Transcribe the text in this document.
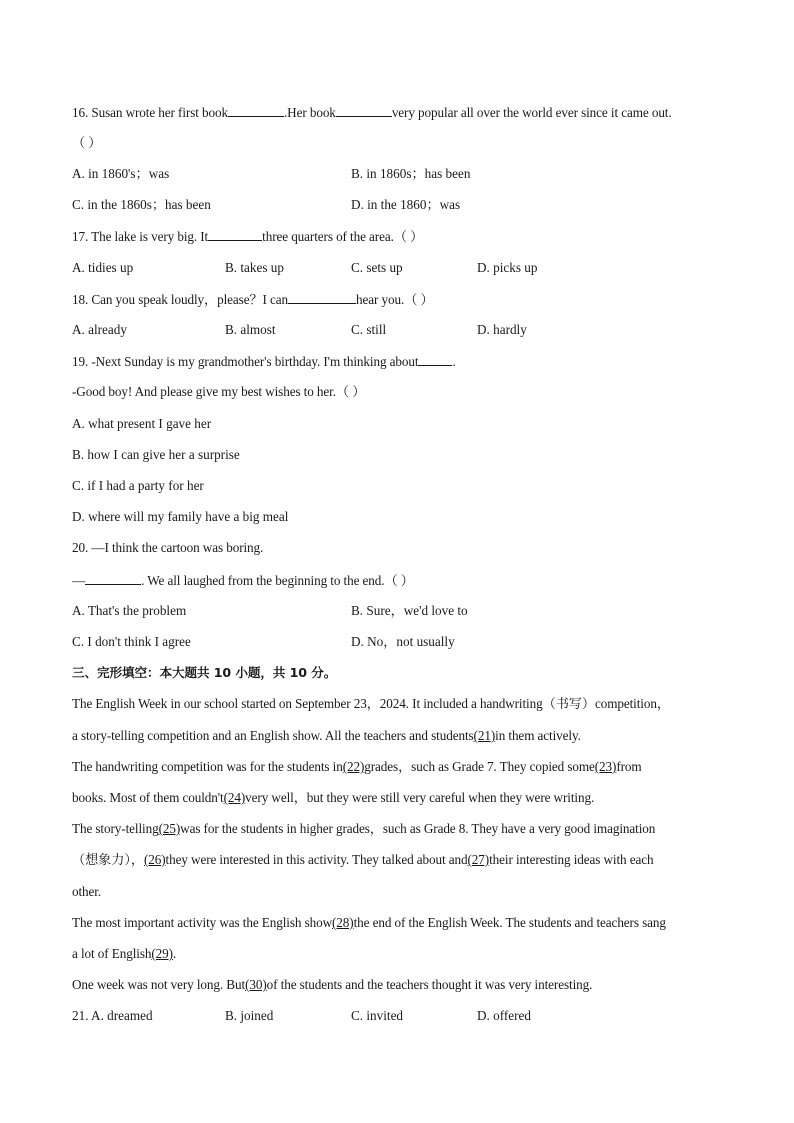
16. Susan wrote her first book	.Her book	very popular all over the world ever since it came out.
（ ）
A. in 1860's；was	B. in 1860s；has been
C. in the 1860s；has been	D. in the 1860；was
17. The lake is very big. It	three quarters of the area.（ ）
A. tidies up	B. takes up	C. sets up	D. picks up
18. Can you speak loudly，please？I can	hear you.（ ）
A. already	B. almost	C. still	D. hardly
19. -Next Sunday is my grandmother's birthday. I'm thinking about	.
-Good boy! And please give my best wishes to her.（ ）
A. what present I gave her
B. how I can give her a surprise
C. if I had a party for her
D. where will my family have a big meal
20. —I think the cartoon was boring.
—	. We all laughed from the beginning to the end.（ ）
A. That's the problem	B. Sure，we'd love to
C. I don't think I agree	D. No，not usually
三、完形填空：本大题共 10 小题，共 10 分。
The English Week in our school started on September 23，2024. It included a handwriting（书写）competition，
a story-telling competition and an English show. All the teachers and students(21)in them actively.
The handwriting competition was for the students in(22)grades，such as Grade 7. They copied some(23)from
books. Most of them couldn't(24)very well，but they were still very careful when they were writing.
The story-telling(25)was for the students in higher grades，such as Grade 8. They have a very good imagination
（想象力），(26)they were interested in this activity. They talked about and(27)their interesting ideas with each
other.
The most important activity was the English show(28)the end of the English Week. The students and teachers sang
a lot of English(29).
One week was not very long. But(30)of the students and the teachers thought it was very interesting.
21. A. dreamed	B. joined	C. invited	D. offered
